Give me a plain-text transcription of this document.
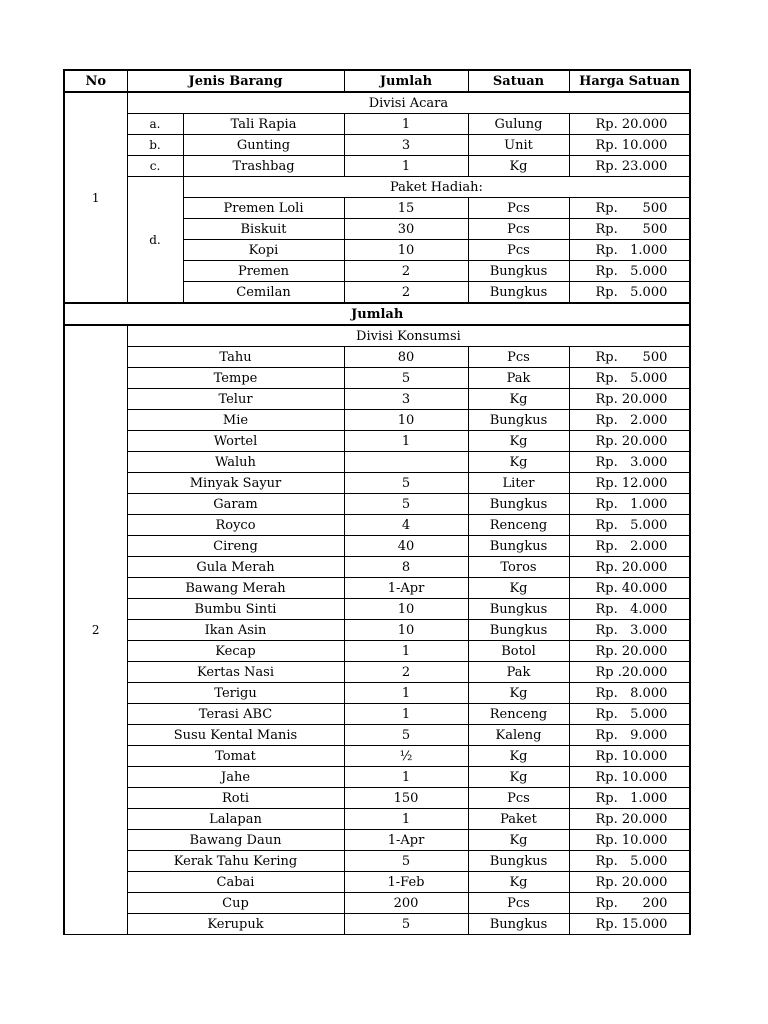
No	Jenis Barang		Jumlah	Satuan	Harga Satuan
1	Divisi Acara				
	a.	Tali Rapia	1	Gulung	Rp. 20.000

	b.	Gunting	3	Unit	Rp. 10.000

	c.	Trashbag	1	Kg	Rp. 23.000

	d.	Paket Hadiah:			
		Premen Loli	15	Pcs	Rp. 500

		Biskuit	30	Pcs	Rp. 500

		Kopi	10	Pcs	Rp. 1.000

		Premen	2	Bungkus	Rp. 5.000

		Cemilan	2	Bungkus	Rp. 5.000

Jumlah					
2	Divisi Konsumsi				
	Tahu		80	Pcs	Rp. 500

	Tempe		5	Pak	Rp. 5.000

	Telur		3	Kg	Rp. 20.000

	Mie		10	Bungkus	Rp. 2.000

	Wortel		1	Kg	Rp. 20.000

	Waluh			Kg	Rp. 3.000

	Minyak Sayur		5	Liter	Rp. 12.000

	Garam		5	Bungkus	Rp. 1.000

	Royco		4	Renceng	Rp. 5.000

	Cireng		40	Bungkus	Rp. 2.000

	Gula Merah		8	Toros	Rp. 20.000

	Bawang Merah		1-Apr	Kg	Rp. 40.000

	Bumbu Sinti		10	Bungkus	Rp. 4.000

	Ikan Asin		10	Bungkus	Rp. 3.000

	Kecap		1	Botol	Rp. 20.000

	Kertas Nasi		2	Pak	Rp . 20.000

	Terigu		1	Kg	Rp. 8.000

	Terasi ABC		1	Renceng	Rp. 5.000

	Susu Kental Manis		5	Kaleng	Rp. 9.000

	Tomat		½	Kg	Rp. 10.000

	Jahe		1	Kg	Rp. 10.000

	Roti		150	Pcs	Rp. 1.000

	Lalapan		1	Paket	Rp. 20.000

	Bawang Daun		1-Apr	Kg	Rp. 10.000

	Kerak Tahu Kering		5	Bungkus	Rp. 5.000

	Cabai		1-Feb	Kg	Rp. 20.000

	Cup		200	Pcs	Rp. 200

	Kerupuk		5	Bungkus	Rp. 15.000
